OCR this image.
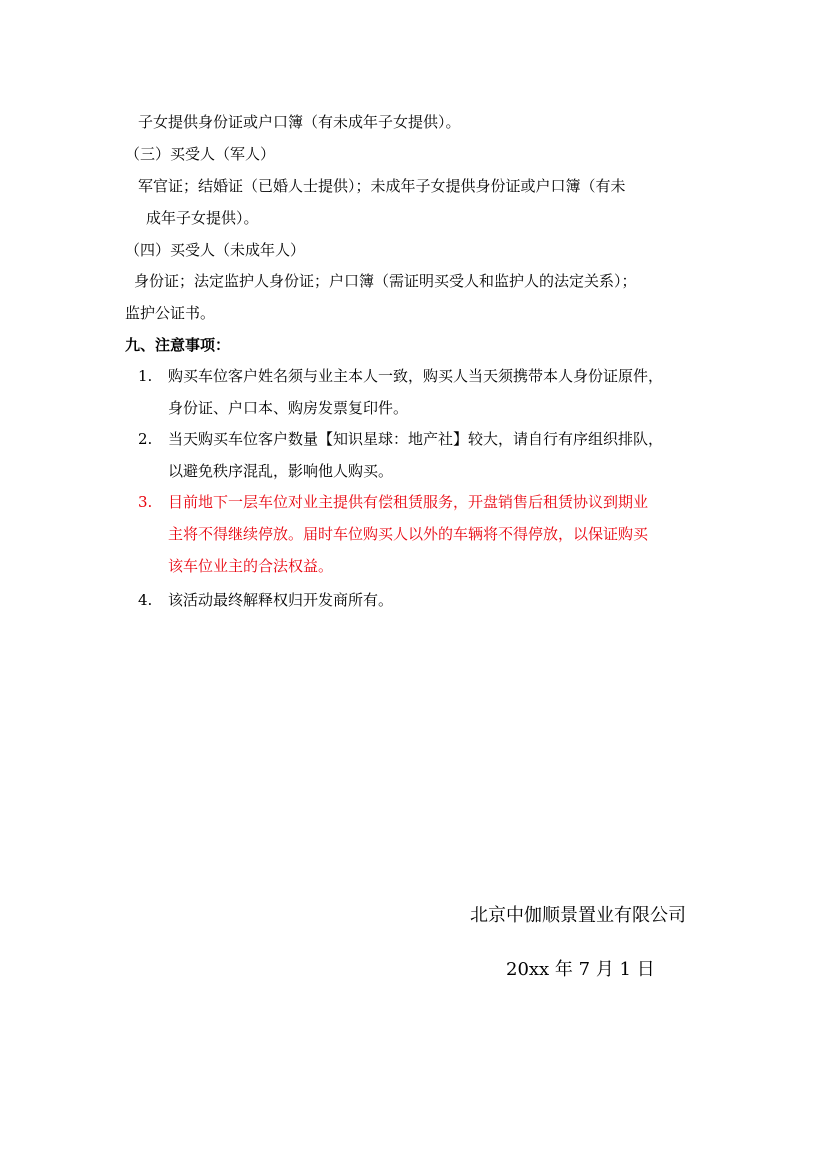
子女提供身份证或户口簿（有未成年子女提供）。
（三）买受人（军人）
军官证；结婚证（已婚人士提供）；未成年子女提供身份证或户口簿（有未
成年子女提供）。
（四）买受人（未成年人）
身份证；法定监护人身份证；户口簿（需证明买受人和监护人的法定关系）；
监护公证书。
九、注意事项：
1. 购买车位客户姓名须与业主本人一致，购买人当天须携带本人身份证原件，
身份证、户口本、购房发票复印件。
2. 当天购买车位客户数量【知识星球：地产社】较大，请自行有序组织排队，
以避免秩序混乱，影响他人购买。
3. 目前地下一层车位对业主提供有偿租赁服务，开盘销售后租赁协议到期业
主将不得继续停放。届时车位购买人以外的车辆将不得停放，以保证购买
该车位业主的合法权益。
4. 该活动最终解释权归开发商所有。
北京中伽顺景置业有限公司
20xx 年 7 月 1 日
